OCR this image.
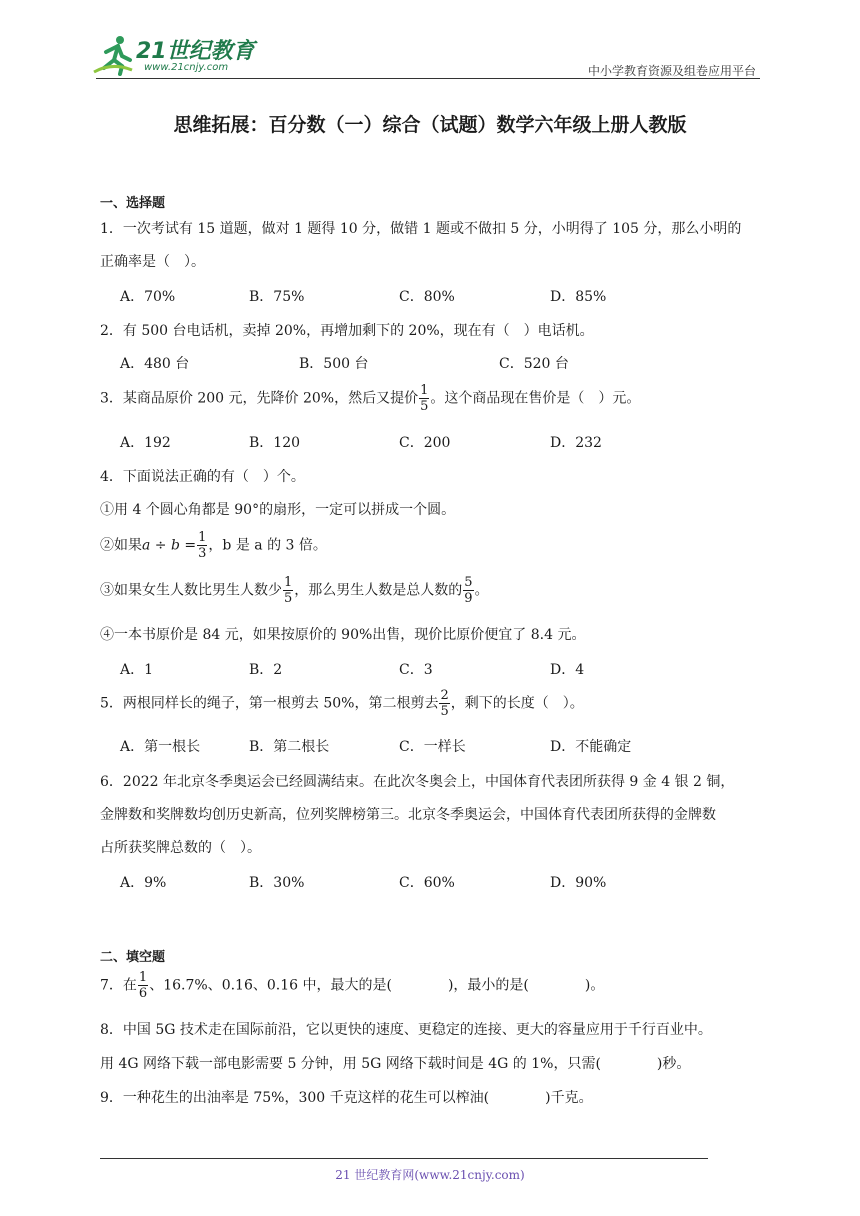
21世纪教育
www.21cnjy.com	中小学教育资源及组卷应用平台
思维拓展：百分数（一）综合（试题）数学六年级上册人教版
一、选择题
1．一次考试有 15 道题，做对 1 题得 10 分，做错 1 题或不做扣 5 分，小明得了 105 分，那么小明的
正确率是（　）。
A．70%	B．75%	C．80%	D．85%
2．有 500 台电话机，卖掉 20%，再增加剩下的 20%，现在有（　）电话机。
A．480 台	B．500 台	C．520 台
3．某商品原价 200 元，先降价 20%，然后又提价 $\frac{1}{5}$ 。这个商品现在售价是（　）元。
A．192	B．120	C．200	D．232
4．下面说法正确的有（　）个。
①用 4 个圆心角都是 90°的扇形，一定可以拼成一个圆。
②如果$a \div b = \frac{1}{3}$ ，b 是 a 的 3 倍。
③如果女生人数比男生人数少 $\frac{1}{5}$ ，那么男生人数是总人数的 $\frac{5}{9}$ 。
④一本书原价是 84 元，如果按原价的 90%出售，现价比原价便宜了 8.4 元。
A．1	B．2	C．3	D．4
5．两根同样长的绳子，第一根剪去 50%，第二根剪去 $\frac{2}{5}$ ，剩下的长度（　）。
A．第一根长	B．第二根长	C．一样长	D．不能确定
6．2022 年北京冬季奥运会已经圆满结束。在此次冬奥会上，中国体育代表团所获得 9 金 4 银 2 铜，
金牌数和奖牌数均创历史新高，位列奖牌榜第三。北京冬季奥运会，中国体育代表团所获得的金牌数
占所获奖牌总数的（　）。
A．9%	B．30%	C．60%	D．90%
二、填空题
7．在 $\frac{1}{6}$ 、16.7%、0.16̇、0.16 中，最大的是(　　　　)，最小的是(　　　　)。
8．中国 5G 技术走在国际前沿，它以更快的速度、更稳定的连接、更大的容量应用于千行百业中。
用 4G 网络下载一部电影需要 5 分钟，用 5G 网络下载时间是 4G 的 1%，只需(　　　　)秒。
9．一种花生的出油率是 75%，300 千克这样的花生可以榨油(　　　　)千克。
21 世纪教育网(www.21cnjy.com)
